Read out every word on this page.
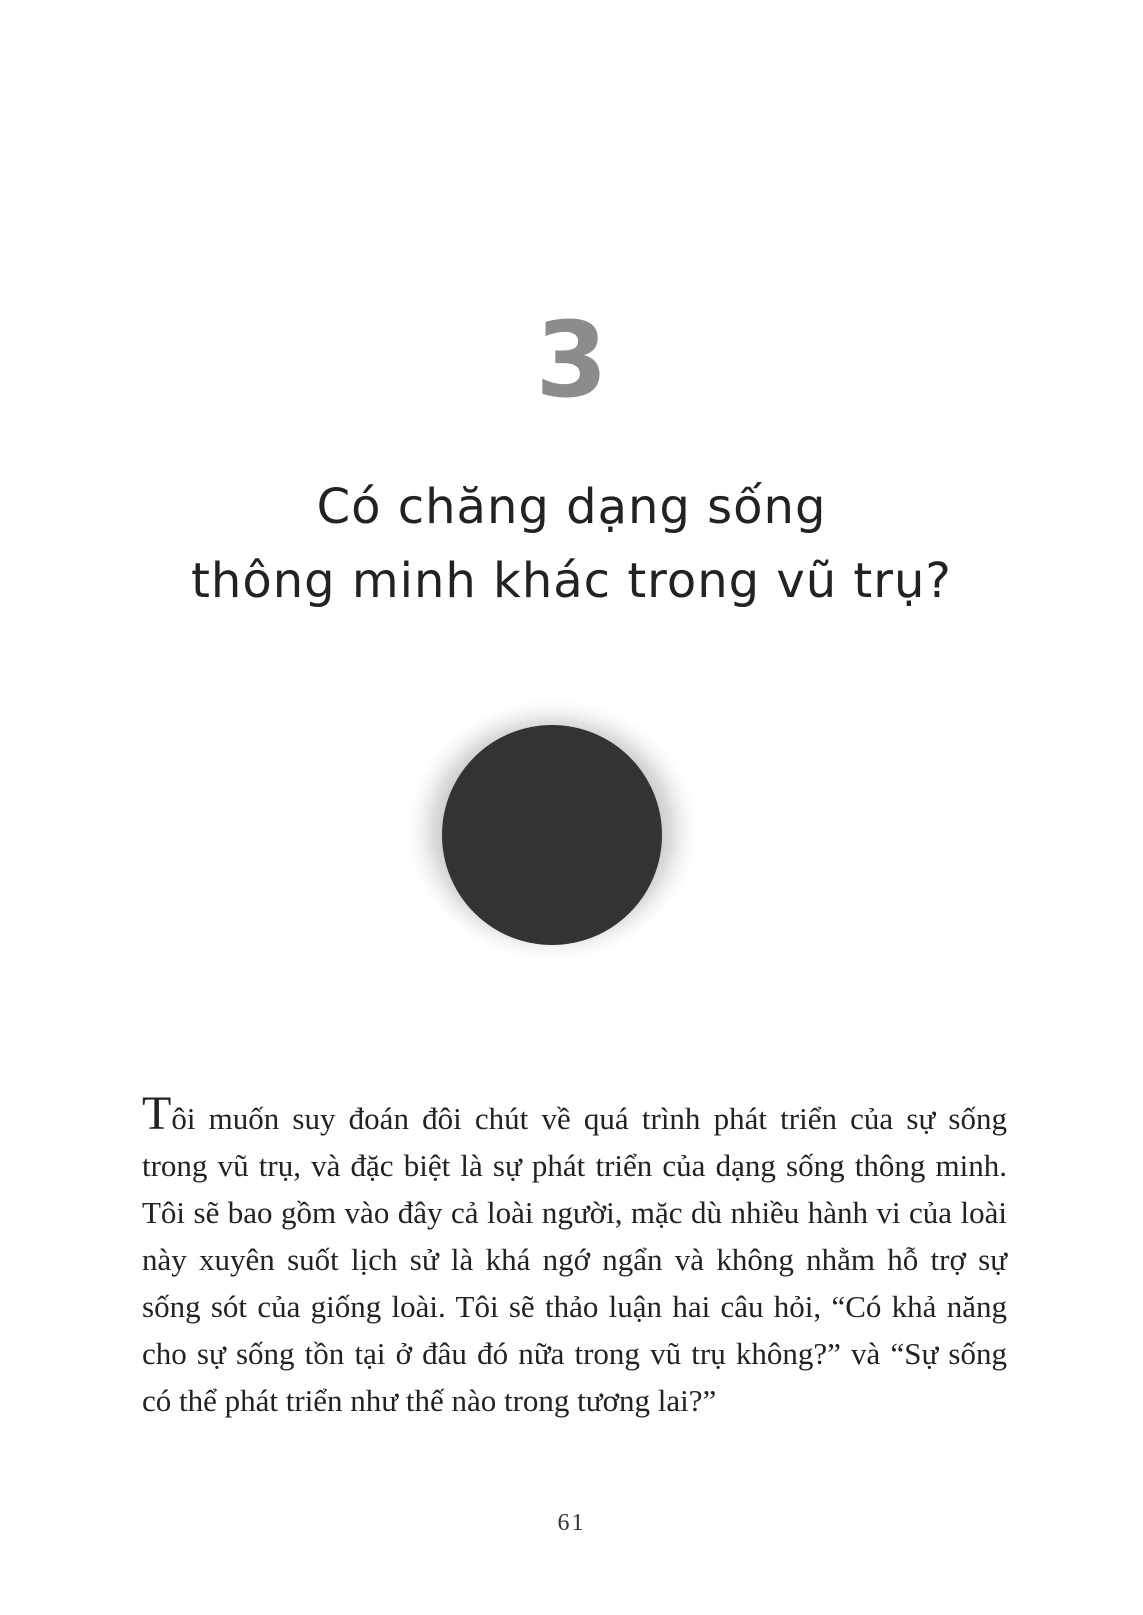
3
Có chăng dạng sống
thông minh khác trong vũ trụ?

Tôi muốn suy đoán đôi chút về quá trình phát triển của sự sống trong vũ trụ, và đặc biệt là sự phát triển của dạng sống thông minh. Tôi sẽ bao gồm vào đây cả loài người, mặc dù nhiều hành vi của loài này xuyên suốt lịch sử là khá ngớ ngẩn và không nhằm hỗ trợ sự sống sót của giống loài. Tôi sẽ thảo luận hai câu hỏi, “Có khả năng cho sự sống tồn tại ở đâu đó nữa trong vũ trụ không?” và “Sự sống có thể phát triển như thế nào trong tương lai?”

61
